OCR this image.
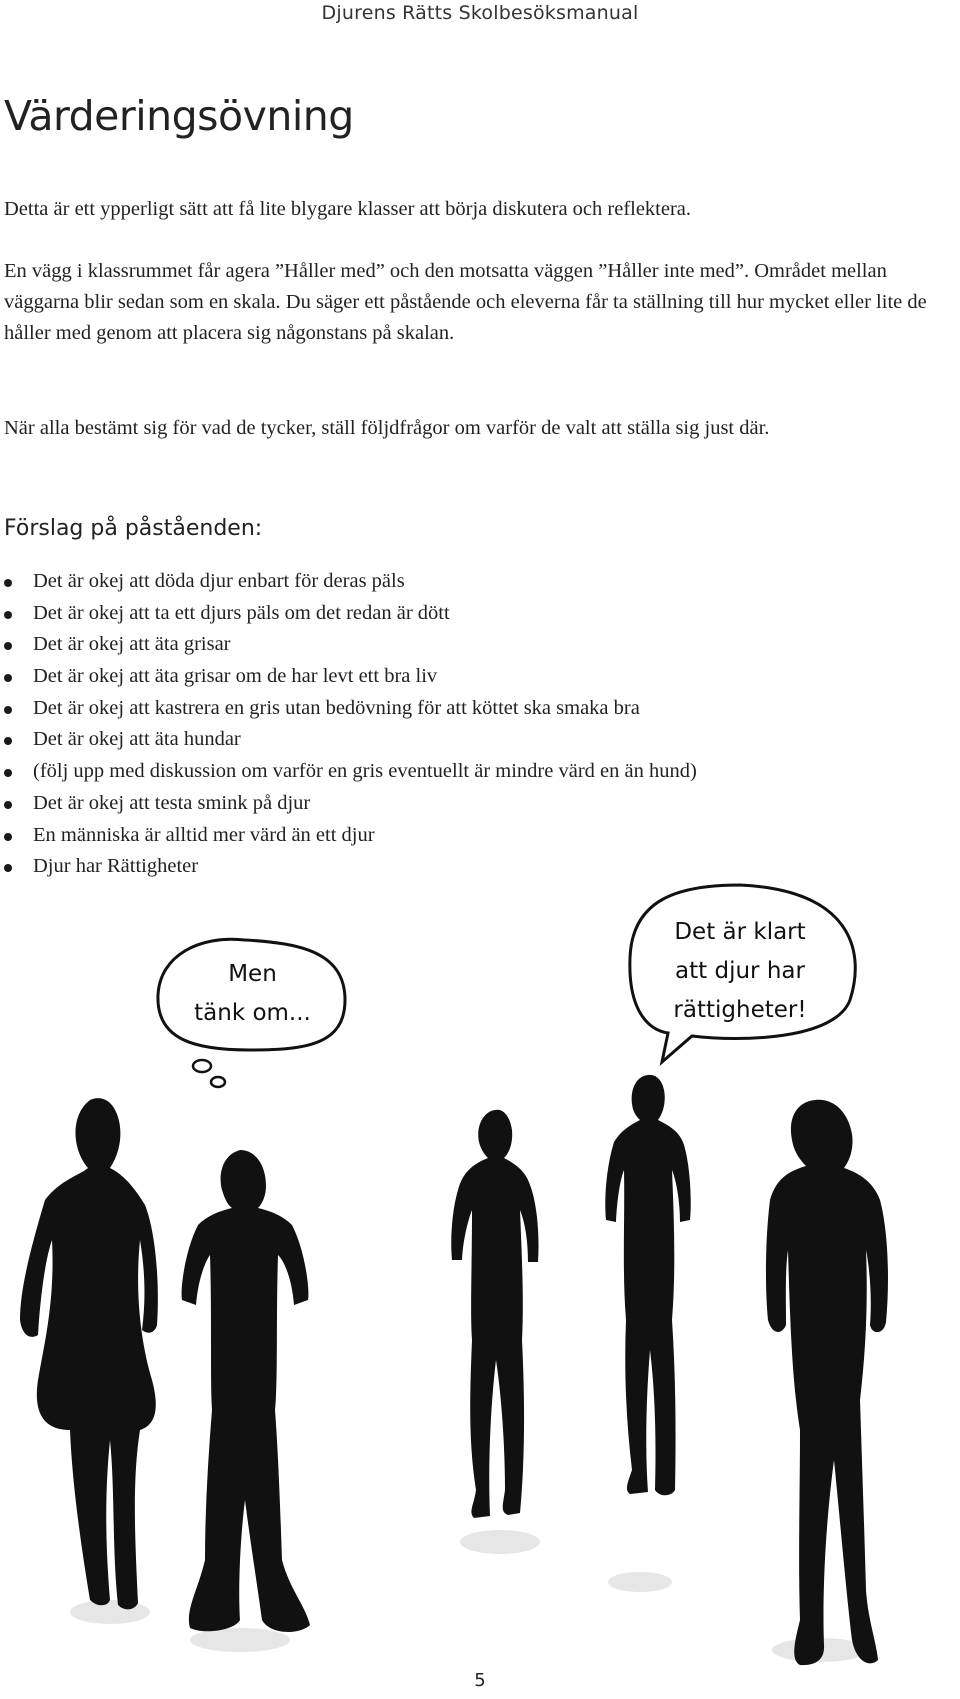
Djurens Rätts Skolbesöksmanual
Värderingsövning

Detta är ett ypperligt sätt att få lite blygare klasser att börja diskutera och reflektera.

En vägg i klassrummet får agera ”Håller med” och den motsatta väggen ”Håller inte med”. Området mellan väggarna blir sedan som en skala. Du säger ett påstående och eleverna får ta ställning till hur mycket eller lite de håller med genom att placera sig någonstans på skalan.

När alla bestämt sig för vad de tycker, ställ följdfrågor om varför de valt att ställa sig just där.

Förslag på påståenden:
Det är okej att döda djur enbart för deras päls
Det är okej att ta ett djurs päls om det redan är dött
Det är okej att äta grisar
Det är okej att äta grisar om de har levt ett bra liv
Det är okej att kastrera en gris utan bedövning för att köttet ska smaka bra
Det är okej att äta hundar
(följ upp med diskussion om varför en gris eventuellt är mindre värd en än hund)
Det är okej att testa smink på djur
En människa är alltid mer värd än ett djur
Djur har Rättigheter
Men
tänk om...
Det är klart
att djur har
rättigheter!
5
